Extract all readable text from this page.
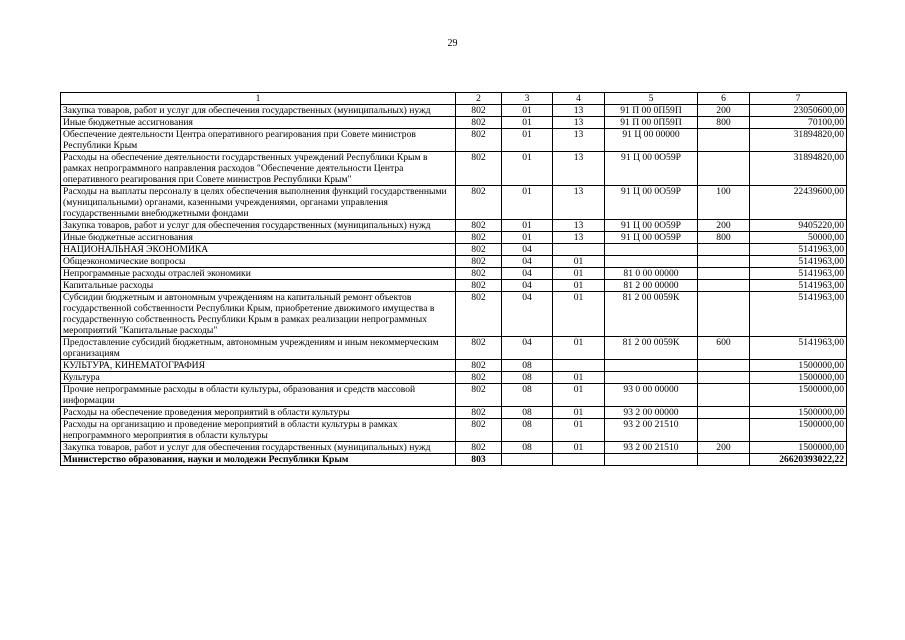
29
1	2	3	4	5	6	7
Закупка товаров, работ и услуг для обеспечения государственных (муниципальных) нужд	802	01	13	91 П 00 0П59П	200	23050600,00
Иные бюджетные ассигнования	802	01	13	91 П 00 0П59П	800	70100,00
Обеспечение деятельности Центра оперативного реагирования при Совете министров Республики Крым	802	01	13	91 Ц 00 00000		31894820,00
Расходы на обеспечение деятельности государственных учреждений Республики Крым в рамках непрограммного направления расходов "Обеспечение деятельности Центра оперативного реагирования при Совете министров Республики Крым"	802	01	13	91 Ц 00 0О59Р		31894820,00
Расходы на выплаты персоналу в целях обеспечения выполнения функций государственными (муниципальными) органами, казенными учреждениями, органами управления государственными внебюджетными фондами	802	01	13	91 Ц 00 0О59Р	100	22439600,00
Закупка товаров, работ и услуг для обеспечения государственных (муниципальных) нужд	802	01	13	91 Ц 00 0О59Р	200	9405220,00
Иные бюджетные ассигнования	802	01	13	91 Ц 00 0О59Р	800	50000,00
НАЦИОНАЛЬНАЯ ЭКОНОМИКА	802	04				5141963,00
Общеэкономические вопросы	802	04	01			5141963,00
Непрограммные расходы отраслей экономики	802	04	01	81 0 00 00000		5141963,00
Капитальные расходы	802	04	01	81 2 00 00000		5141963,00
Субсидии бюджетным и автономным учреждениям на капитальный ремонт объектов государственной собственности Республики Крым, приобретение движимого имущества в государственную собственность Республики Крым в рамках реализации непрограммных мероприятий "Капитальные расходы"	802	04	01	81 2 00 0059К		5141963,00
Предоставление субсидий бюджетным, автономным учреждениям и иным некоммерческим организациям	802	04	01	81 2 00 0059К	600	5141963,00
КУЛЬТУРА, КИНЕМАТОГРАФИЯ	802	08				1500000,00
Культура	802	08	01			1500000,00
Прочие непрограммные расходы в области культуры, образования и средств массовой информации	802	08	01	93 0 00 00000		1500000,00
Расходы на обеспечение проведения мероприятий в области культуры	802	08	01	93 2 00 00000		1500000,00
Расходы на организацию и проведение мероприятий в области культуры в рамках непрограммного мероприятия в области культуры	802	08	01	93 2 00 21510		1500000,00
Закупка товаров, работ и услуг для обеспечения государственных (муниципальных) нужд	802	08	01	93 2 00 21510	200	1500000,00
Министерство образования, науки и молодежи Республики Крым	803					26620393022,22
